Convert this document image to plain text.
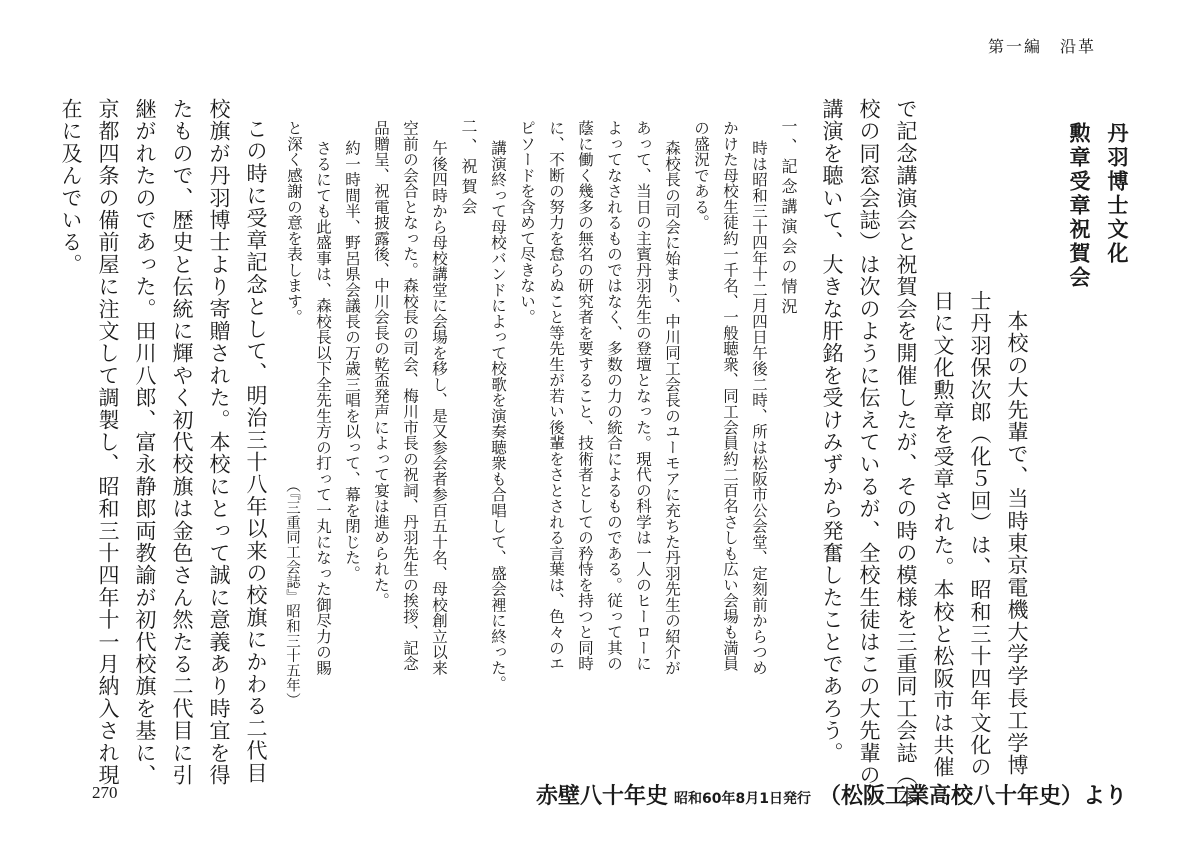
第一編　沿革
丹羽博士文化
勲章受章祝賀会
本校の大先輩で、当時東京電機大学学長工学博
士丹羽保次郎（化５回）は、昭和三十四年文化の
日に文化勲章を受章された。本校と松阪市は共催
で記念講演会と祝賀会を開催したが、その時の模様を三重同工会誌（本
校の同窓会誌）は次のように伝えているが、全校生徒はこの大先輩の
講演を聴いて、大きな肝銘を受けみずから発奮したことであろう。
一、記念講演会の情況
時は昭和三十四年十二月四日午後二時、所は松阪市公会堂、定刻前からつめ
かけた母校生徒約一千名、一般聴衆、同工会員約二百名さしも広い会場も満員
の盛況である。
森校長の司会に始まり、中川同工会長のユーモアに充ちた丹羽先生の紹介が
あって、当日の主賓丹羽先生の登壇となった。現代の科学は一人のヒーローに
よってなされるものではなく、多数の力の統合によるものである。従って其の
蔭に働く幾多の無名の研究者を要すること、技術者としての矜恃を持つと同時
に、不断の努力を怠らぬこと等先生が若い後輩をさとされる言葉は、色々のエ
ピソードを含めて尽きない。
講演終って母校バンドによって校歌を演奏聴衆も合唱して、盛会裡に終った。
二、祝賀会
午後四時から母校講堂に会場を移し、是又参会者参百五十名、母校創立以来
空前の会合となった。森校長の司会、梅川市長の祝詞、丹羽先生の挨拶、記念
品贈呈、祝電披露後、中川会長の乾盃発声によって宴は進められた。
約一時間半、野呂県会議長の万歳三唱を以って、幕を閉じた。
さるにても此盛事は、森校長以下全先生方の打って一丸になった御尽力の賜
と深く感謝の意を表します。
（『三重同工会誌』昭和三十五年）
この時に受章記念として、明治三十八年以来の校旗にかわる二代目
校旗が丹羽博士より寄贈された。本校にとって誠に意義あり時宜を得
たもので、歴史と伝統に輝やく初代校旗は金色さん然たる二代目に引
継がれたのであった。田川八郎、富永静郎両教諭が初代校旗を基に、
京都四条の備前屋に注文して調製し、昭和三十四年十一月納入され現
在に及んでいる。
270	赤壁八十年史 昭和60年8月1日発行 （松阪工業高校八十年史）より
